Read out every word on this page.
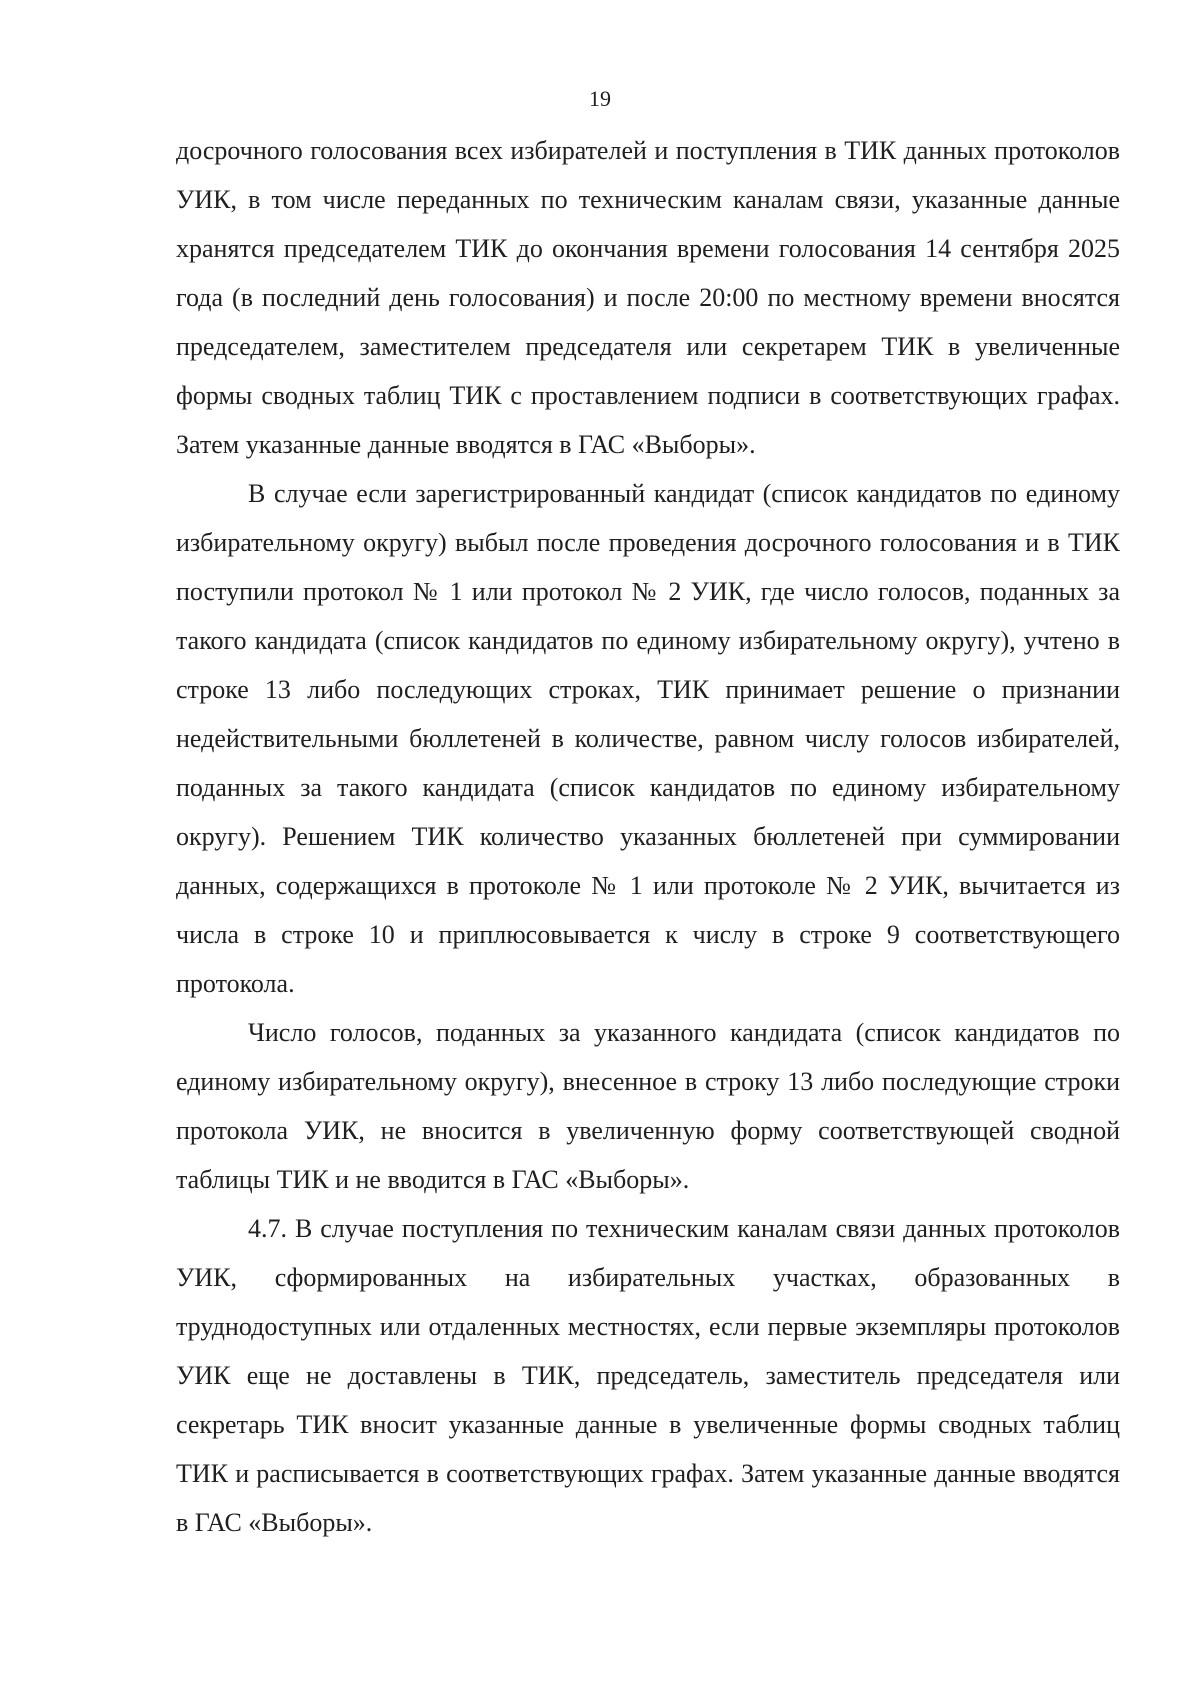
19

досрочного голосования всех избирателей и поступления в ТИК данных протоколов УИК, в том числе переданных по техническим каналам связи, указанные данные хранятся председателем ТИК до окончания времени голосования 14 сентября 2025 года (в последний день голосования) и после 20:00 по местному времени вносятся председателем, заместителем председателя или секретарем ТИК в увеличенные формы сводных таблиц ТИК с проставлением подписи в соответствующих графах. Затем указанные данные вводятся в ГАС «Выборы».

В случае если зарегистрированный кандидат (список кандидатов по единому избирательному округу) выбыл после проведения досрочного голосования и в ТИК поступили протокол № 1 или протокол № 2 УИК, где число голосов, поданных за такого кандидата (список кандидатов по единому избирательному округу), учтено в строке 13 либо последующих строках, ТИК принимает решение о признании недействительными бюллетеней в количестве, равном числу голосов избирателей, поданных за такого кандидата (список кандидатов по единому избирательному округу). Решением ТИК количество указанных бюллетеней при суммировании данных, содержащихся в протоколе № 1 или протоколе № 2 УИК, вычитается из числа в строке 10 и приплюсовывается к числу в строке 9 соответствующего протокола.

Число голосов, поданных за указанного кандидата (список кандидатов по единому избирательному округу), внесенное в строку 13 либо последующие строки протокола УИК, не вносится в увеличенную форму соответствующей сводной таблицы ТИК и не вводится в ГАС «Выборы».

4.7. В случае поступления по техническим каналам связи данных протоколов УИК, сформированных на избирательных участках, образованных в труднодоступных или отдаленных местностях, если первые экземпляры протоколов УИК еще не доставлены в ТИК, председатель, заместитель председателя или секретарь ТИК вносит указанные данные в увеличенные формы сводных таблиц ТИК и расписывается в соответствующих графах. Затем указанные данные вводятся в ГАС «Выборы».
